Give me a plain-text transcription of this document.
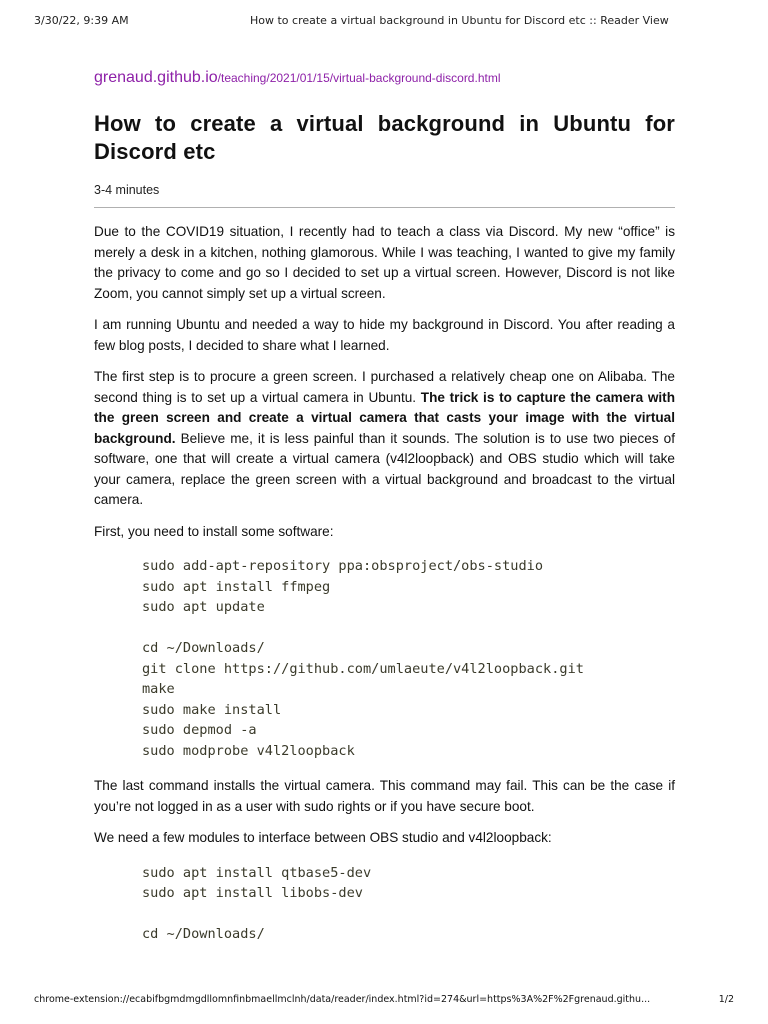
3/30/22, 9:39 AM	How to create a virtual background in Ubuntu for Discord etc :: Reader View
grenaud.github.io/teaching/2021/01/15/virtual-background-discord.html
How to create a virtual background in Ubuntu for Discord etc
3-4 minutes

Due to the COVID19 situation, I recently had to teach a class via Discord. My new “office” is merely a desk in a kitchen, nothing glamorous. While I was teaching, I wanted to give my family the privacy to come and go so I decided to set up a virtual screen. However, Discord is not like Zoom, you cannot simply set up a virtual screen.

I am running Ubuntu and needed a way to hide my background in Discord. You after reading a few blog posts, I decided to share what I learned.

The first step is to procure a green screen. I purchased a relatively cheap one on Alibaba. The second thing is to set up a virtual camera in Ubuntu. The trick is to capture the camera with the green screen and create a virtual camera that casts your image with the virtual background. Believe me, it is less painful than it sounds. The solution is to use two pieces of software, one that will create a virtual camera (v4l2loopback) and OBS studio which will take your camera, replace the green screen with a virtual background and broadcast to the virtual camera.

First, you need to install some software:

sudo add-apt-repository ppa:obsproject/obs-studio
sudo apt install ffmpeg
sudo apt update
cd ~/Downloads/
git clone https://github.com/umlaeute/v4l2loopback.git
make
sudo make install
sudo depmod -a
sudo modprobe v4l2loopback

The last command installs the virtual camera. This command may fail. This can be the case if you’re not logged in as a user with sudo rights or if you have secure boot.

We need a few modules to interface between OBS studio and v4l2loopback:

sudo apt install qtbase5-dev
sudo apt install libobs-dev
cd ~/Downloads/
chrome-extension://ecabifbgmdmgdllomnfinbmaellmclnh/data/reader/index.html?id=274&url=https%3A%2F%2Fgrenaud.githu...	1/2
